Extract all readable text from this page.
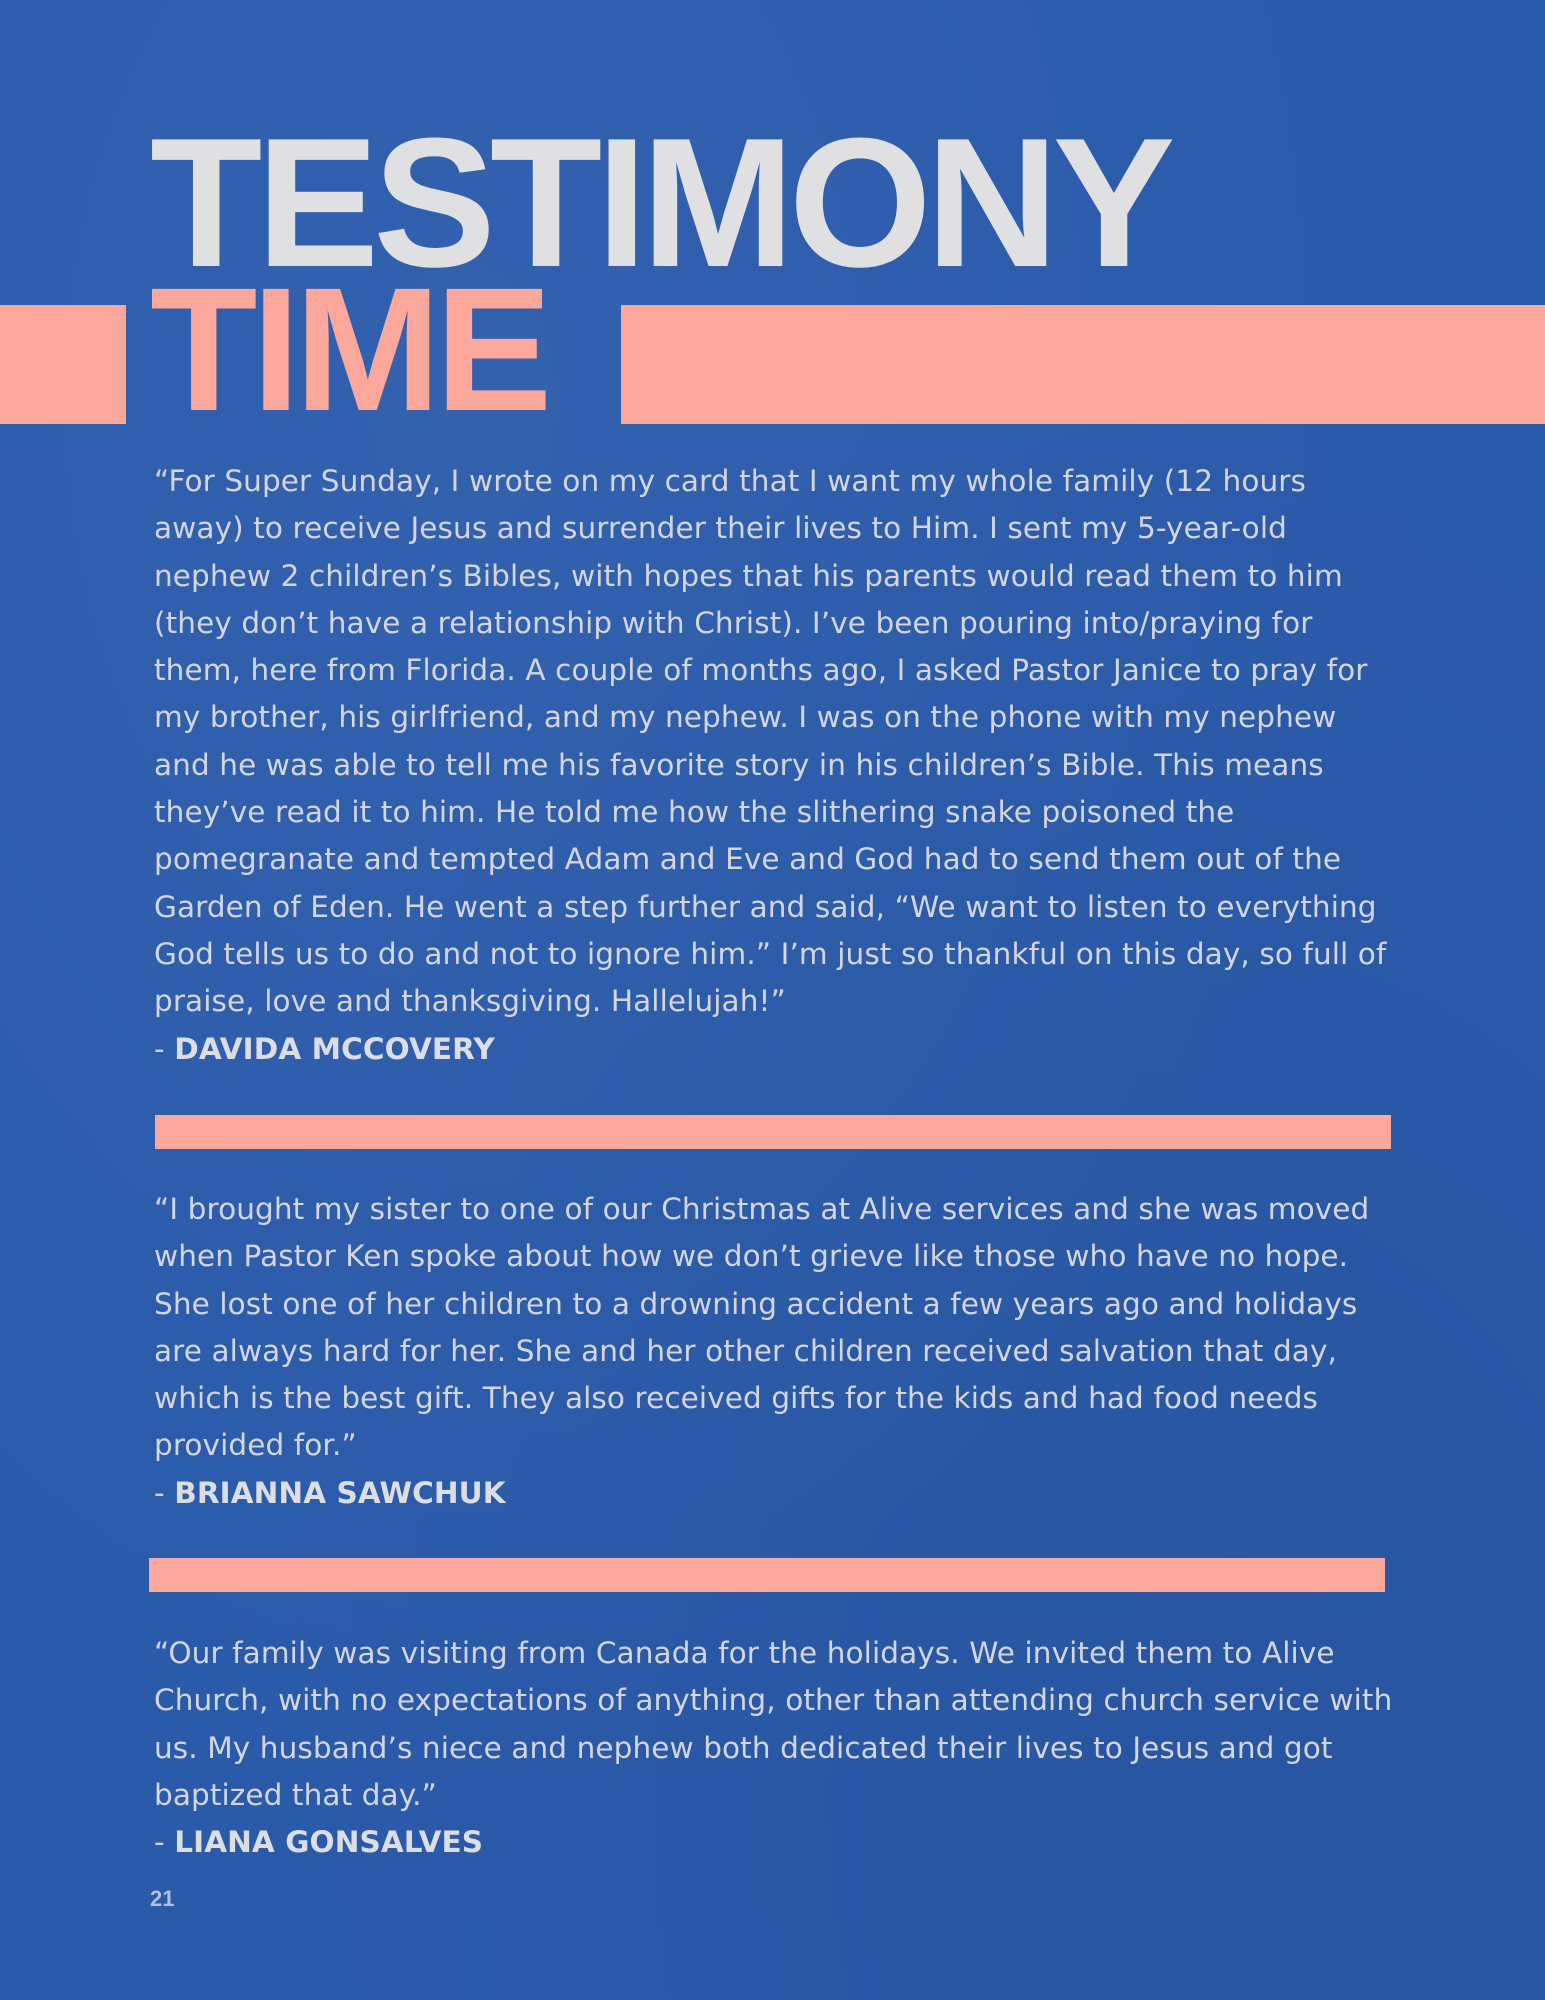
TESTIMONY
TIME

“For Super Sunday, I wrote on my card that I want my whole family (12 hours away) to receive Jesus and surrender their lives to Him. I sent my 5-year-old nephew 2 children’s Bibles, with hopes that his parents would read them to him (they don’t have a relationship with Christ). I’ve been pouring into/praying for them, here from Florida. A couple of months ago, I asked Pastor Janice to pray for my brother, his girlfriend, and my nephew. I was on the phone with my nephew and he was able to tell me his favorite story in his children’s Bible. This means they’ve read it to him. He told me how the slithering snake poisoned the pomegranate and tempted Adam and Eve and God had to send them out of the Garden of Eden. He went a step further and said, “We want to listen to everything God tells us to do and not to ignore him.” I’m just so thankful on this day, so full of praise, love and thanksgiving. Hallelujah!”

- DAVIDA MCCOVERY

“I brought my sister to one of our Christmas at Alive services and she was moved when Pastor Ken spoke about how we don’t grieve like those who have no hope. She lost one of her children to a drowning accident a few years ago and holidays are always hard for her. She and her other children received salvation that day, which is the best gift. They also received gifts for the kids and had food needs provided for.”

- BRIANNA SAWCHUK

“Our family was visiting from Canada for the holidays. We invited them to Alive Church, with no expectations of anything, other than attending church service with us. My husband’s niece and nephew both dedicated their lives to Jesus and got baptized that day.”

- LIANA GONSALVES

21
